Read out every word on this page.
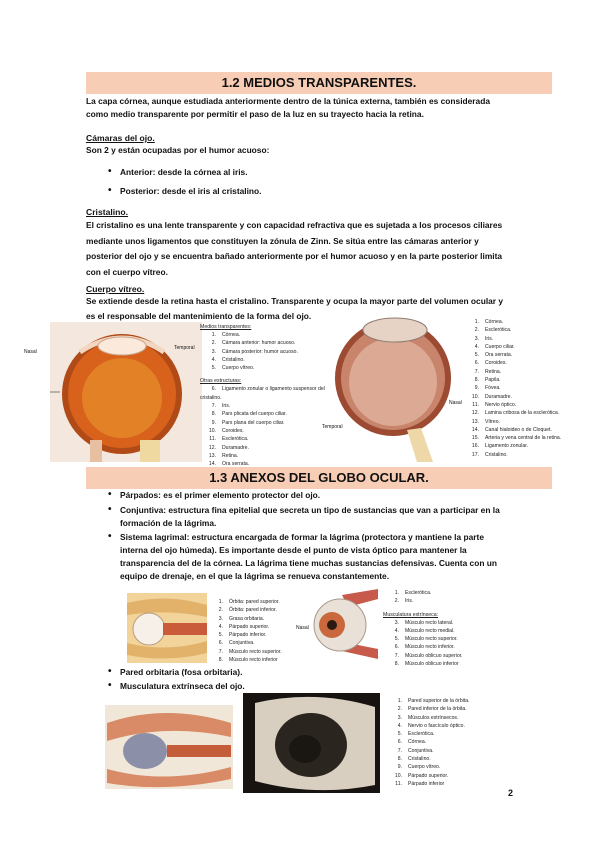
1.2 MEDIOS TRANSPARENTES.
La capa córnea, aunque estudiada anteriormente dentro de la túnica externa, también es considerada como medio transparente por permitir el paso de la luz en su trayecto hacia la retina.
Cámaras del ojo.
Son 2 y están ocupadas por el humor acuoso:
• Anterior: desde la córnea al iris.
• Posterior: desde el iris al cristalino.
Cristalino.
El cristalino es una lente transparente y con capacidad refractiva que es sujetada a los procesos ciliares mediante unos ligamentos que constituyen la zónula de Zinn. Se sitúa entre las cámaras anterior y posterior del ojo y se encuentra bañado anteriormente por el humor acuoso y en la parte posterior limita con el cuerpo vítreo.
Cuerpo vítreo.
Se extiende desde la retina hasta el cristalino. Transparente y ocupa la mayor parte del volumen ocular y es el responsable del mantenimiento de la forma del ojo.
Nasal
Temporal
Medios transparentes:
1. Córnea.
2. Cámara anterior: humor acuoso.
3. Cámara posterior: humor acuoso.
4. Cristalino.
5. Cuerpo vítreo.
Otras estructuras:
6. Ligamento zonular o ligamento suspensor del cristalino.
7. Iris.
8. Pars plicata del cuerpo ciliar.
9. Pars plana del cuerpo ciliar.
10. Coroides.
11. Esclerótica.
12. Duramadre.
13. Retina.
14. Ora serrata.
Temporal
Nasal
1. Córnea.
2. Esclerótica.
3. Iris.
4. Cuerpo ciliar.
5. Ora serrata.
6. Coroides.
7. Retina.
8. Papila.
9. Fóvea.
10. Duramadre.
11. Nervio óptico.
12. Lamina cribosa de la esclerótica.
13. Vítreo.
14. Canal hialoideo o de Cloquet.
15. Arteria y vena central de la retina.
16. Ligamento zonular.
17. Cristalino.
1.3 ANEXOS DEL GLOBO OCULAR.
• Párpados: es el primer elemento protector del ojo.
• Conjuntiva: estructura fina epitelial que secreta un tipo de sustancias que van a participar en la formación de la lágrima.
• Sistema lagrimal: estructura encargada de formar la lágrima (protectora y mantiene la parte interna del ojo húmeda). Es importante desde el punto de vista óptico para mantener la transparencia del de la córnea. La lágrima tiene muchas sustancias defensivas. Cuenta con un equipo de drenaje, en el que la lágrima se renueva constantemente.
1. Órbita: pared superior.
2. Órbita: pared inferior.
3. Grasa orbitaria.
4. Párpado superior.
5. Párpado inferior.
6. Conjuntiva.
7. Músculo recto superior.
8. Músculo recto inferior
Nasal
1. Esclerótica.
2. Iris.
Musculatura extrínseca:
3. Músculo recto lateral.
4. Músculo recto medial.
5. Músculo recto superior.
6. Músculo recto inferior.
7. Músculo oblicuo superior.
8. Músculo oblicuo inferior
• Pared orbitaria (fosa orbitaria).
• Musculatura extrínseca del ojo.
1. Pared superior de la órbita.
2. Pared inferior de la órbita.
3. Músculos extrínsecos.
4. Nervio o fascículo óptico.
5. Esclerótica.
6. Córnea.
7. Conjuntiva.
8. Cristalino.
9. Cuerpo vítreo.
10. Párpado superior.
11. Párpado inferior
2
